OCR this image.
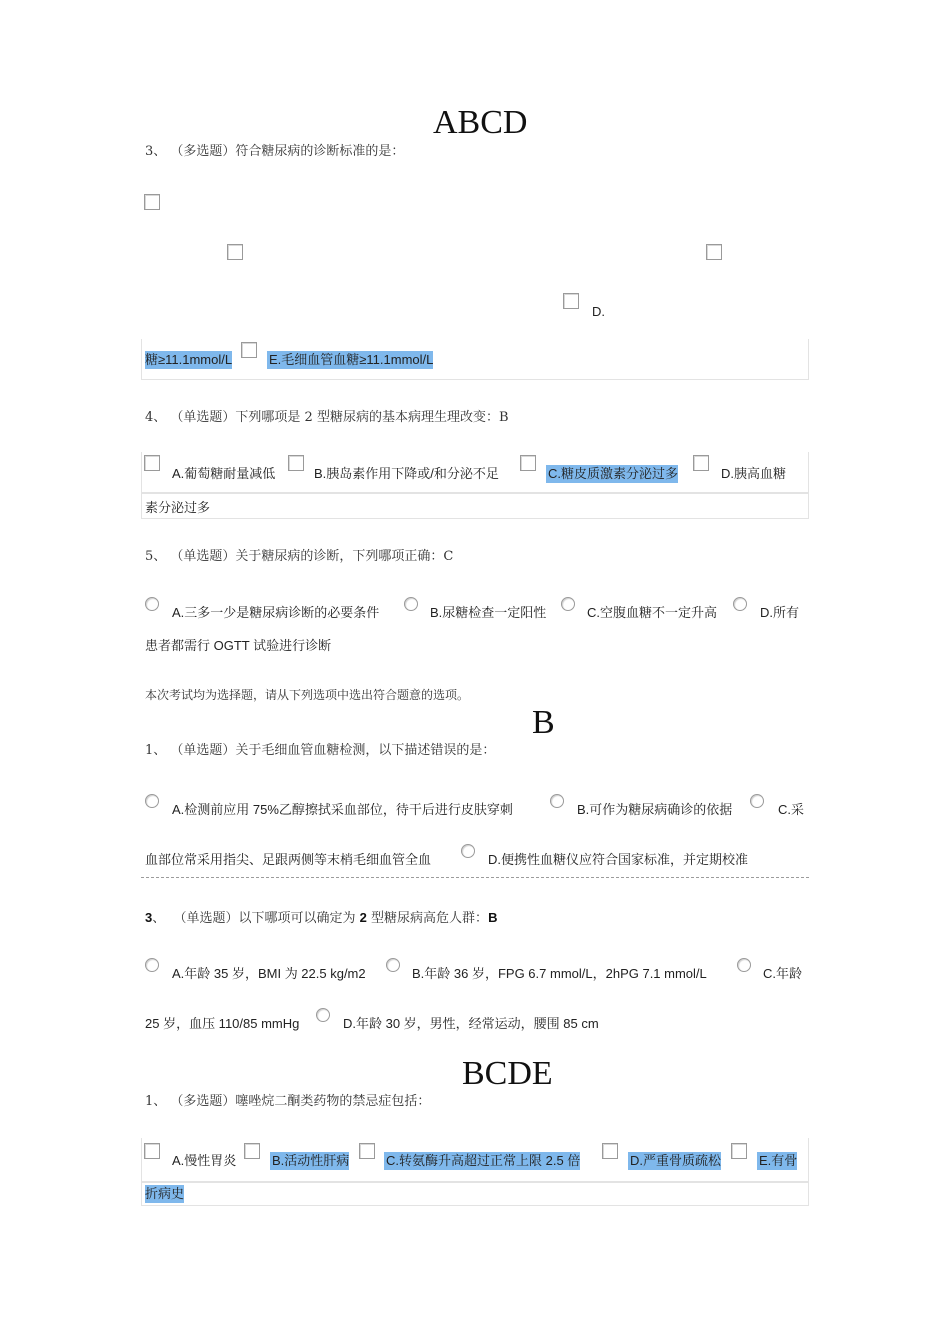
ABCD
3、 （多选题）符合糖尿病的诊断标准的是：
D.
糖≥11.1mmol/L	E.毛细血管血糖≥11.1mmol/L
4、 （单选题）下列哪项是 2 型糖尿病的基本病理生理改变：B
A.葡萄糖耐量减低	B.胰岛素作用下降或/和分泌不足	C.糖皮质激素分泌过多	D.胰高血糖
素分泌过多
5、 （单选题）关于糖尿病的诊断，下列哪项正确：C
A.三多一少是糖尿病诊断的必要条件	B.尿糖检查一定阳性	C.空腹血糖不一定升高	D.所有
患者都需行 OGTT 试验进行诊断
本次考试均为选择题，请从下列选项中选出符合题意的选项。
B
1、 （单选题）关于毛细血管血糖检测，以下描述错误的是：
A.检测前应用 75%乙醇擦拭采血部位，待干后进行皮肤穿刺	B.可作为糖尿病确诊的依据	C.采
血部位常采用指尖、足跟两侧等末梢毛细血管全血	D.便携性血糖仪应符合国家标准，并定期校准
3、 （单选题）以下哪项可以确定为 2 型糖尿病高危人群：B
A.年龄 35 岁，BMI 为 22.5 kg/m2	B.年龄 36 岁，FPG 6.7 mmol/L，2hPG 7.1 mmol/L	C.年龄
25 岁，血压 110/85 mmHg	D.年龄 30 岁，男性，经常运动，腰围 85 cm
BCDE
1、 （多选题）噻唑烷二酮类药物的禁忌症包括：
A.慢性胃炎	B.活动性肝病	C.转氨酶升高超过正常上限 2.5 倍	D.严重骨质疏松	E.有骨
折病史
